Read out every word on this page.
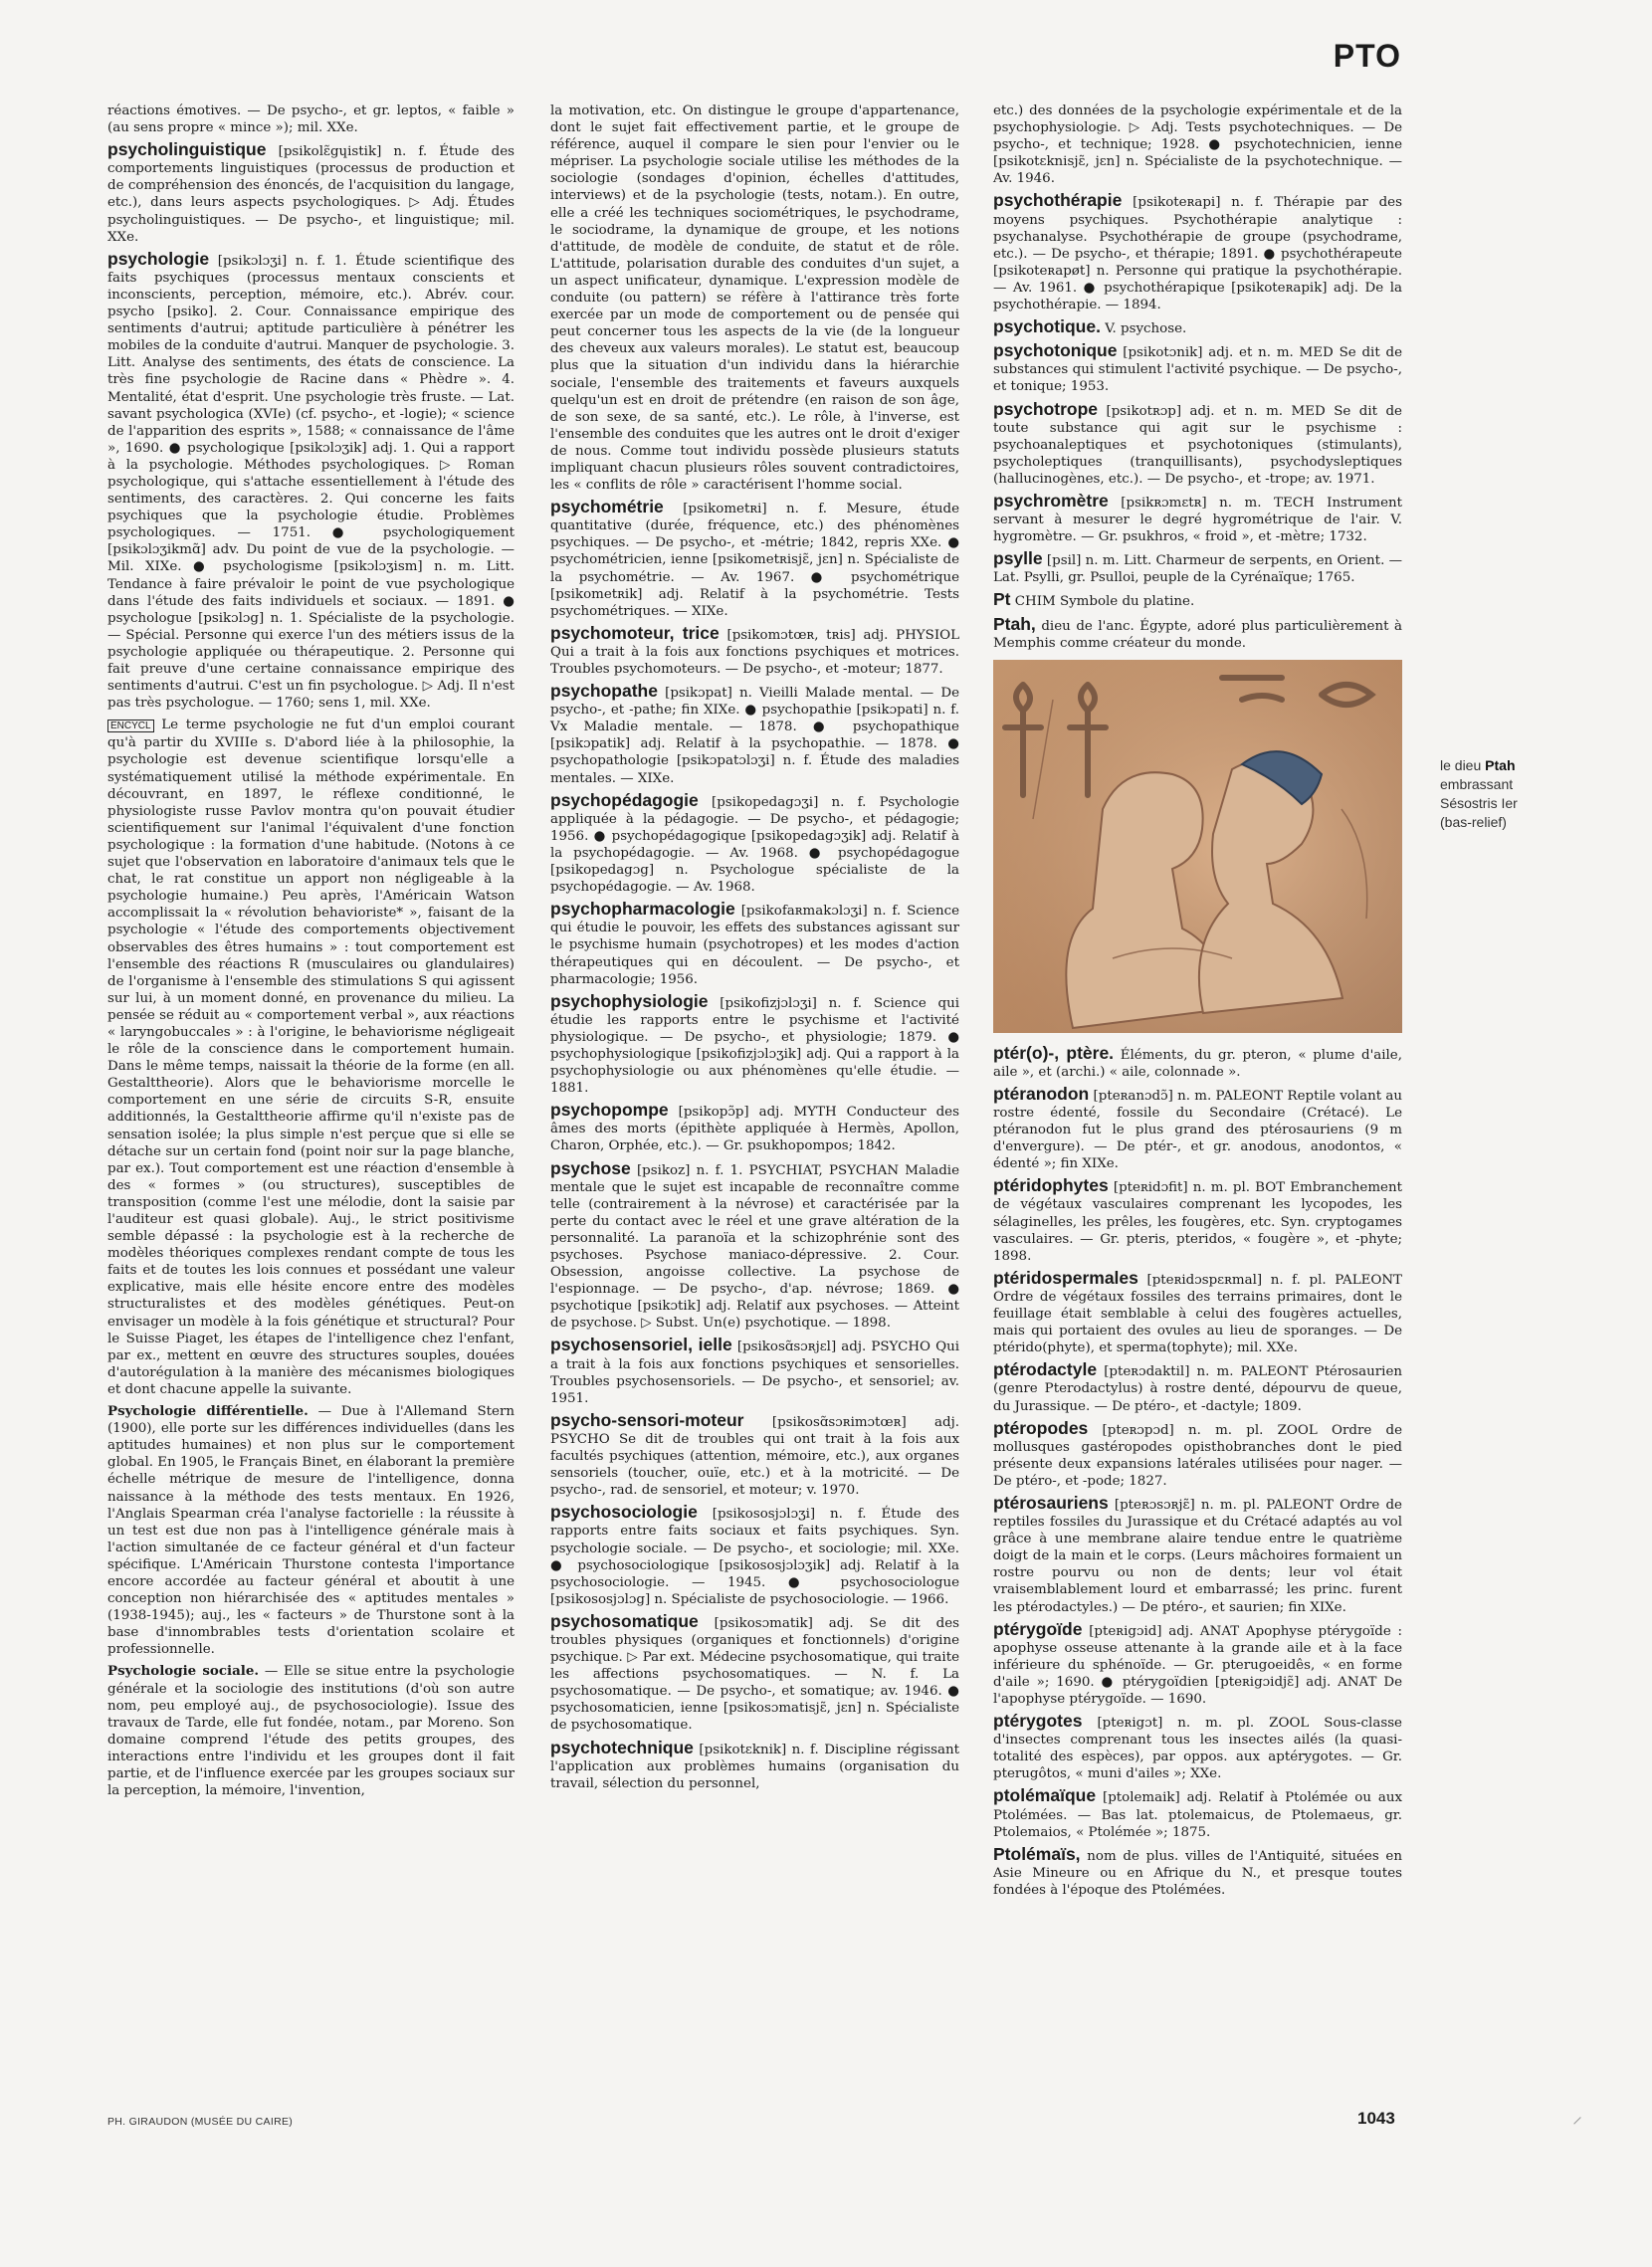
PTO

réactions émotives. — De psycho-, et gr. leptos, « faible » (au sens propre « mince »); mil. XXe.

psycholinguistique [psikolɛ̃gɥistik] n. f. Étude des comportements linguistiques (processus de production et de compréhension des énoncés, de l'acquisition du langage, etc.), dans leurs aspects psychologiques. ▷ Adj. Études psycholinguistiques. — De psycho-, et linguistique; mil. XXe.

psychologie [psikɔlɔʒi] n. f. 1. Étude scientifique des faits psychiques (processus mentaux conscients et inconscients, perception, mémoire, etc.). Abrév. cour. psycho [psiko]. 2. Cour. Connaissance empirique des sentiments d'autrui; aptitude particulière à pénétrer les mobiles de la conduite d'autrui. Manquer de psychologie. 3. Litt. Analyse des sentiments, des états de conscience. La très fine psychologie de Racine dans « Phèdre ». 4. Mentalité, état d'esprit. Une psychologie très fruste. — Lat. savant psychologica (XVIe) (cf. psycho-, et -logie); « science de l'apparition des esprits », 1588; « connaissance de l'âme », 1690. ● psychologique [psikɔlɔʒik] adj. 1. Qui a rapport à la psychologie. Méthodes psychologiques. ▷ Roman psychologique, qui s'attache essentiellement à l'étude des sentiments, des caractères. 2. Qui concerne les faits psychiques que la psychologie étudie. Problèmes psychologiques. — 1751. ● psychologiquement [psikɔlɔʒikmɑ̃] adv. Du point de vue de la psychologie. — Mil. XIXe. ● psychologisme [psikɔlɔʒism] n. m. Litt. Tendance à faire prévaloir le point de vue psychologique dans l'étude des faits individuels et sociaux. — 1891. ● psychologue [psikɔlɔg] n. 1. Spécialiste de la psychologie. — Spécial. Personne qui exerce l'un des métiers issus de la psychologie appliquée ou thérapeutique. 2. Personne qui fait preuve d'une certaine connaissance empirique des sentiments d'autrui. C'est un fin psychologue. ▷ Adj. Il n'est pas très psychologue. — 1760; sens 1, mil. XXe.

ENCYCL Le terme psychologie ne fut d'un emploi courant qu'à partir du XVIIIe s. D'abord liée à la philosophie, la psychologie est devenue scientifique lorsqu'elle a systématiquement utilisé la méthode expérimentale. En découvrant, en 1897, le réflexe conditionné, le physiologiste russe Pavlov montra qu'on pouvait étudier scientifiquement sur l'animal l'équivalent d'une fonction psychologique : la formation d'une habitude. (Notons à ce sujet que l'observation en laboratoire d'animaux tels que le chat, le rat constitue un apport non négligeable à la psychologie humaine.) Peu après, l'Américain Watson accomplissait la « révolution behavioriste* », faisant de la psychologie « l'étude des comportements objectivement observables des êtres humains » : tout comportement est l'ensemble des réactions R (musculaires ou glandulaires) de l'organisme à l'ensemble des stimulations S qui agissent sur lui, à un moment donné, en provenance du milieu. La pensée se réduit au « comportement verbal », aux réactions « laryngobuccales » : à l'origine, le behaviorisme négligeait le rôle de la conscience dans le comportement humain. Dans le même temps, naissait la théorie de la forme (en all. Gestalttheorie). Alors que le behaviorisme morcelle le comportement en une série de circuits S-R, ensuite additionnés, la Gestalttheorie affirme qu'il n'existe pas de sensation isolée; la plus simple n'est perçue que si elle se détache sur un certain fond (point noir sur la page blanche, par ex.). Tout comportement est une réaction d'ensemble à des « formes » (ou structures), susceptibles de transposition (comme l'est une mélodie, dont la saisie par l'auditeur est quasi globale). Auj., le strict positivisme semble dépassé : la psychologie est à la recherche de modèles théoriques complexes rendant compte de tous les faits et de toutes les lois connues et possédant une valeur explicative, mais elle hésite encore entre des modèles structuralistes et des modèles génétiques. Peut-on envisager un modèle à la fois génétique et structural? Pour le Suisse Piaget, les étapes de l'intelligence chez l'enfant, par ex., mettent en œuvre des structures souples, douées d'autorégulation à la manière des mécanismes biologiques et dont chacune appelle la suivante.

Psychologie différentielle. — Due à l'Allemand Stern (1900), elle porte sur les différences individuelles (dans les aptitudes humaines) et non plus sur le comportement global. En 1905, le Français Binet, en élaborant la première échelle métrique de mesure de l'intelligence, donna naissance à la méthode des tests mentaux. En 1926, l'Anglais Spearman créa l'analyse factorielle : la réussite à un test est due non pas à l'intelligence générale mais à l'action simultanée de ce facteur général et d'un facteur spécifique. L'Américain Thurstone contesta l'importance encore accordée au facteur général et aboutit à une conception non hiérarchisée des « aptitudes mentales » (1938-1945); auj., les « facteurs » de Thurstone sont à la base d'innombrables tests d'orientation scolaire et professionnelle.

Psychologie sociale. — Elle se situe entre la psychologie générale et la sociologie des institutions (d'où son autre nom, peu employé auj., de psychosociologie). Issue des travaux de Tarde, elle fut fondée, notam., par Moreno. Son domaine comprend l'étude des petits groupes, des interactions entre l'individu et les groupes dont il fait partie, et de l'influence exercée par les groupes sociaux sur la perception, la mémoire, l'invention,

la motivation, etc. On distingue le groupe d'appartenance, dont le sujet fait effectivement partie, et le groupe de référence, auquel il compare le sien pour l'envier ou le mépriser. La psychologie sociale utilise les méthodes de la sociologie (sondages d'opinion, échelles d'attitudes, interviews) et de la psychologie (tests, notam.). En outre, elle a créé les techniques sociométriques, le psychodrame, le sociodrame, la dynamique de groupe, et les notions d'attitude, de modèle de conduite, de statut et de rôle. L'attitude, polarisation durable des conduites d'un sujet, a un aspect unificateur, dynamique. L'expression modèle de conduite (ou pattern) se réfère à l'attirance très forte exercée par un mode de comportement ou de pensée qui peut concerner tous les aspects de la vie (de la longueur des cheveux aux valeurs morales). Le statut est, beaucoup plus que la situation d'un individu dans la hiérarchie sociale, l'ensemble des traitements et faveurs auxquels quelqu'un est en droit de prétendre (en raison de son âge, de son sexe, de sa santé, etc.). Le rôle, à l'inverse, est l'ensemble des conduites que les autres ont le droit d'exiger de nous. Comme tout individu possède plusieurs statuts impliquant chacun plusieurs rôles souvent contradictoires, les « conflits de rôle » caractérisent l'homme social.

psychométrie [psikometʀi] n. f. Mesure, étude quantitative (durée, fréquence, etc.) des phénomènes psychiques. — De psycho-, et -métrie; 1842, repris XXe. ● psychométricien, ienne [psikometʀisjɛ̃, jɛn] n. Spécialiste de la psychométrie. — Av. 1967. ● psychométrique [psikometʀik] adj. Relatif à la psychométrie. Tests psychométriques. — XIXe.

psychomoteur, trice [psikomɔtœʀ, tʀis] adj. PHYSIOL Qui a trait à la fois aux fonctions psychiques et motrices. Troubles psychomoteurs. — De psycho-, et -moteur; 1877.

psychopathe [psikɔpat] n. Vieilli Malade mental. — De psycho-, et -pathe; fin XIXe. ● psychopathie [psikɔpati] n. f. Vx Maladie mentale. — 1878. ● psychopathique [psikɔpatik] adj. Relatif à la psychopathie. — 1878. ● psychopathologie [psikɔpatɔlɔʒi] n. f. Étude des maladies mentales. — XIXe.

psychopédagogie [psikopedagɔʒi] n. f. Psychologie appliquée à la pédagogie. — De psycho-, et pédagogie; 1956. ● psychopédagogique [psikopedagɔʒik] adj. Relatif à la psychopédagogie. — Av. 1968. ● psychopédagogue [psikopedagɔg] n. Psychologue spécialiste de la psychopédagogie. — Av. 1968.

psychopharmacologie [psikofaʀmakɔlɔʒi] n. f. Science qui étudie le pouvoir, les effets des substances agissant sur le psychisme humain (psychotropes) et les modes d'action thérapeutiques qui en découlent. — De psycho-, et pharmacologie; 1956.

psychophysiologie [psikofizjɔlɔʒi] n. f. Science qui étudie les rapports entre le psychisme et l'activité physiologique. — De psycho-, et physiologie; 1879. ● psychophysiologique [psikofizjɔlɔʒik] adj. Qui a rapport à la psychophysiologie ou aux phénomènes qu'elle étudie. — 1881.

psychopompe [psikopɔ̃p] adj. MYTH Conducteur des âmes des morts (épithète appliquée à Hermès, Apollon, Charon, Orphée, etc.). — Gr. psukhopompos; 1842.

psychose [psikoz] n. f. 1. PSYCHIAT, PSYCHAN Maladie mentale que le sujet est incapable de reconnaître comme telle (contrairement à la névrose) et caractérisée par la perte du contact avec le réel et une grave altération de la personnalité. La paranoïa et la schizophrénie sont des psychoses. Psychose maniaco-dépressive. 2. Cour. Obsession, angoisse collective. La psychose de l'espionnage. — De psycho-, d'ap. névrose; 1869. ● psychotique [psikɔtik] adj. Relatif aux psychoses. — Atteint de psychose. ▷ Subst. Un(e) psychotique. — 1898.

psychosensoriel, ielle [psikosɑ̃sɔʀjɛl] adj. PSYCHO Qui a trait à la fois aux fonctions psychiques et sensorielles. Troubles psychosensoriels. — De psycho-, et sensoriel; av. 1951.

psycho-sensori-moteur [psikosɑ̃sɔʀimɔtœʀ] adj. PSYCHO Se dit de troubles qui ont trait à la fois aux facultés psychiques (attention, mémoire, etc.), aux organes sensoriels (toucher, ouïe, etc.) et à la motricité. — De psycho-, rad. de sensoriel, et moteur; v. 1970.

psychosociologie [psikososjɔlɔʒi] n. f. Étude des rapports entre faits sociaux et faits psychiques. Syn. psychologie sociale. — De psycho-, et sociologie; mil. XXe. ● psychosociologique [psikososjɔlɔʒik] adj. Relatif à la psychosociologie. — 1945. ● psychosociologue [psikososjɔlɔg] n. Spécialiste de psychosociologie. — 1966.

psychosomatique [psikosɔmatik] adj. Se dit des troubles physiques (organiques et fonctionnels) d'origine psychique. ▷ Par ext. Médecine psychosomatique, qui traite les affections psychosomatiques. — N. f. La psychosomatique. — De psycho-, et somatique; av. 1946. ● psychosomaticien, ienne [psikosɔmatisjɛ̃, jɛn] n. Spécialiste de psychosomatique.

psychotechnique [psikotɛknik] n. f. Discipline régissant l'application aux problèmes humains (organisation du travail, sélection du personnel,

etc.) des données de la psychologie expérimentale et de la psychophysiologie. ▷ Adj. Tests psychotechniques. — De psycho-, et technique; 1928. ● psychotechnicien, ienne [psikotɛknisjɛ̃, jɛn] n. Spécialiste de la psychotechnique. — Av. 1946.

psychothérapie [psikoteʀapi] n. f. Thérapie par des moyens psychiques. Psychothérapie analytique : psychanalyse. Psychothérapie de groupe (psychodrame, etc.). — De psycho-, et thérapie; 1891. ● psychothérapeute [psikoteʀapøt] n. Personne qui pratique la psychothérapie. — Av. 1961. ● psychothérapique [psikoteʀapik] adj. De la psychothérapie. — 1894.

psychotique. V. psychose.

psychotonique [psikotɔnik] adj. et n. m. MED Se dit de substances qui stimulent l'activité psychique. — De psycho-, et tonique; 1953.

psychotrope [psikotʀɔp] adj. et n. m. MED Se dit de toute substance qui agit sur le psychisme : psychoanaleptiques et psychotoniques (stimulants), psycholeptiques (tranquillisants), psychodysleptiques (hallucinogènes, etc.). — De psycho-, et -trope; av. 1971.

psychromètre [psikʀɔmɛtʀ] n. m. TECH Instrument servant à mesurer le degré hygrométrique de l'air. V. hygromètre. — Gr. psukhros, « froid », et -mètre; 1732.

psylle [psil] n. m. Litt. Charmeur de serpents, en Orient. — Lat. Psylli, gr. Psulloi, peuple de la Cyrénaïque; 1765.

Pt CHIM Symbole du platine.

Ptah, dieu de l'anc. Égypte, adoré plus particulièrement à Memphis comme créateur du monde.

ptér(o)-, ptère. Éléments, du gr. pteron, « plume d'aile, aile », et (archi.) « aile, colonnade ».

ptéranodon [pteʀanɔdɔ̃] n. m. PALEONT Reptile volant au rostre édenté, fossile du Secondaire (Crétacé). Le ptéranodon fut le plus grand des ptérosauriens (9 m d'envergure). — De ptér-, et gr. anodous, anodontos, « édenté »; fin XIXe.

ptéridophytes [pteʀidɔfit] n. m. pl. BOT Embranchement de végétaux vasculaires comprenant les lycopodes, les sélaginelles, les prêles, les fougères, etc. Syn. cryptogames vasculaires. — Gr. pteris, pteridos, « fougère », et -phyte; 1898.

ptéridospermales [pteʀidɔspɛʀmal] n. f. pl. PALEONT Ordre de végétaux fossiles des terrains primaires, dont le feuillage était semblable à celui des fougères actuelles, mais qui portaient des ovules au lieu de sporanges. — De ptérido(phyte), et sperma(tophyte); mil. XXe.

ptérodactyle [pteʀɔdaktil] n. m. PALEONT Ptérosaurien (genre Pterodactylus) à rostre denté, dépourvu de queue, du Jurassique. — De ptéro-, et -dactyle; 1809.

ptéropodes [pteʀɔpɔd] n. m. pl. ZOOL Ordre de mollusques gastéropodes opisthobranches dont le pied présente deux expansions latérales utilisées pour nager. — De ptéro-, et -pode; 1827.

ptérosauriens [pteʀɔsɔʀjɛ̃] n. m. pl. PALEONT Ordre de reptiles fossiles du Jurassique et du Crétacé adaptés au vol grâce à une membrane alaire tendue entre le quatrième doigt de la main et le corps. (Leurs mâchoires formaient un rostre pourvu ou non de dents; leur vol était vraisemblablement lourd et embarrassé; les princ. furent les ptérodactyles.) — De ptéro-, et saurien; fin XIXe.

ptérygoïde [pteʀigɔid] adj. ANAT Apophyse ptérygoïde : apophyse osseuse attenante à la grande aile et à la face inférieure du sphénoïde. — Gr. pterugoeidês, « en forme d'aile »; 1690. ● ptérygoïdien [pteʀigɔidjɛ̃] adj. ANAT De l'apophyse ptérygoïde. — 1690.

ptérygotes [pteʀigɔt] n. m. pl. ZOOL Sous-classe d'insectes comprenant tous les insectes ailés (la quasi-totalité des espèces), par oppos. aux aptérygotes. — Gr. pterugôtos, « muni d'ailes »; XXe.

ptolémaïque [ptolemaik] adj. Relatif à Ptolémée ou aux Ptolémées. — Bas lat. ptolemaicus, de Ptolemaeus, gr. Ptolemaios, « Ptolémée »; 1875.

Ptolémaïs, nom de plus. villes de l'Antiquité, situées en Asie Mineure ou en Afrique du N., et presque toutes fondées à l'époque des Ptolémées.

le dieu Ptah embrassant Sésostris Ier (bas-relief)
PH. GIRAUDON (MUSÉE DU CAIRE)	1043	⸝
